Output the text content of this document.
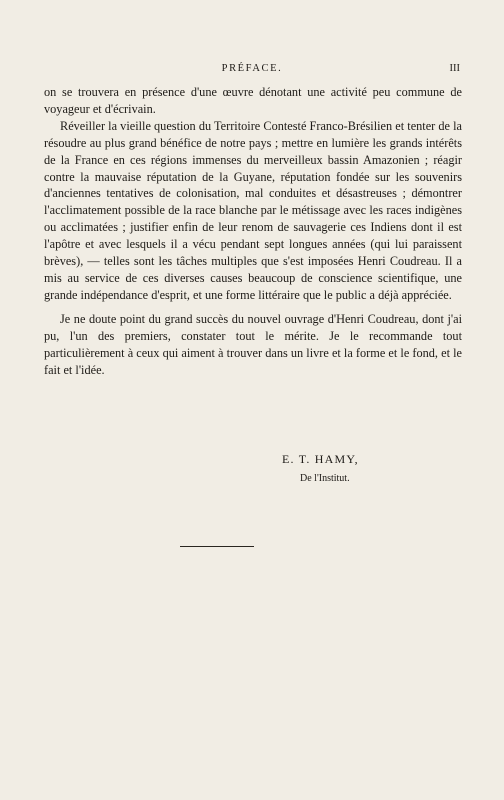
PRÉFACE.	III

on se trouvera en présence d'une œuvre dénotant une activité peu commune de voyageur et d'écrivain.

Réveiller la vieille question du Territoire Contesté Franco-Brésilien et tenter de la résoudre au plus grand bénéfice de notre pays ; mettre en lumière les grands intérêts de la France en ces régions immenses du merveilleux bassin Amazonien ; réagir contre la mauvaise réputation de la Guyane, réputation fondée sur les souvenirs d'anciennes tentatives de colonisation, mal conduites et désastreuses ; démontrer l'acclimatement possible de la race blanche par le métissage avec les races indigènes ou acclimatées ; justifier enfin de leur renom de sauvagerie ces Indiens dont il est l'apôtre et avec lesquels il a vécu pendant sept longues années (qui lui paraissent brèves), — telles sont les tâches multiples que s'est imposées Henri Coudreau. Il a mis au service de ces diverses causes beaucoup de conscience scientifique, une grande indépendance d'esprit, et une forme littéraire que le public a déjà appréciée.

Je ne doute point du grand succès du nouvel ouvrage d'Henri Coudreau, dont j'ai pu, l'un des premiers, constater tout le mérite. Je le recommande tout particulièrement à ceux qui aiment à trouver dans un livre et la forme et le fond, et le fait et l'idée.

E. T. HAMY,
De l'Institut.
